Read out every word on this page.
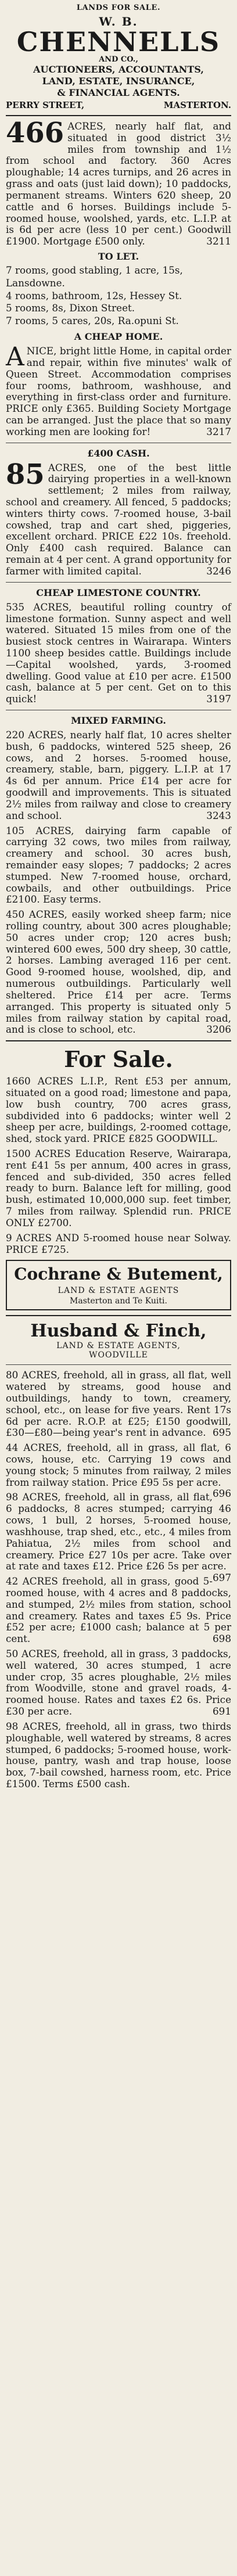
LANDS FOR SALE.
W. B.
CHENNELLS
AND CO.,
AUCTIONEERS, ACCOUNTANTS,
LAND, ESTATE, INSURANCE,
& FINANCIAL AGENTS.
PERRY STREET,	MASTERTON.

466 ACRES, nearly half flat, and situated in good district 3½ miles from township and 1½ from school and factory. 360 Acres ploughable; 14 acres turnips, and 26 acres in grass and oats (just laid down); 10 paddocks, permanent streams. Winters 620 sheep, 20 cattle and 6 horses. Buildings include 5-roomed house, woolshed, yards, etc. L.I.P. at is 6d per acre (less 10 per cent.) Goodwill £1900. Mortgage £500 only.	3211

TO LET.
7 rooms, good stabling, 1 acre, 15s, Lansdowne.
4 rooms, bathroom, 12s, Hessey St.
5 rooms, 8s, Dixon Street.
7 rooms, 5 cares, 20s, Ra.opuni St.
A CHEAP HOME.

A NICE, bright little Home, in capital order and repair, within five minutes' walk of Queen Street. Accommodation comprises four rooms, bathroom, washhouse, and everything in first-class order and furniture. PRICE only £365. Building Society Mortgage can be arranged. Just the place that so many working men are looking for!	3217

£400 CASH.

85 ACRES, one of the best little dairying properties in a well-known settlement; 2 miles from railway, school and creamery. All fenced, 5 paddocks; winters thirty cows. 7-roomed house, 3-bail cowshed, trap and cart shed, piggeries, excellent orchard. PRICE £22 10s. freehold. Only £400 cash required. Balance can remain at 4 per cent. A grand opportunity for farmer with limited capital.	3246

CHEAP LIMESTONE COUNTRY.

535 ACRES, beautiful rolling country of limestone formation. Sunny aspect and well watered. Situated 15 miles from one of the busiest stock centres in Wairarapa. Winters 1100 sheep besides cattle. Buildings include—Capital woolshed, yards, 3-roomed dwelling. Good value at £10 per acre. £1500 cash, balance at 5 per cent. Get on to this quick!	3197

MIXED FARMING.

220 ACRES, nearly half flat, 10 acres shelter bush, 6 paddocks, wintered 525 sheep, 26 cows, and 2 horses. 5-roomed house, creamery, stable, barn, piggery. L.I.P. at 17 4s 6d per annum. Price £14 per acre for goodwill and improvements. This is situated 2½ miles from railway and close to creamery and school.	3243

105 ACRES, dairying farm capable of carrying 32 cows, two miles from railway, creamery and school. 30 acres bush, remainder easy slopes; 7 paddocks; 2 acres stumped. New 7-roomed house, orchard, cowbails, and other outbuildings. Price £2100. Easy terms.

450 ACRES, easily worked sheep farm; nice rolling country, about 300 acres ploughable; 50 acres under crop; 120 acres bush; wintered 600 ewes, 500 dry sheep, 30 cattle, 2 horses. Lambing averaged 116 per cent. Good 9-roomed house, woolshed, dip, and numerous outbuildings. Particularly well sheltered. Price £14 per acre. Terms arranged. This property is situated only 5 miles from railway station by capital road, and is close to school, etc.	3206

For Sale.

1660 ACRES L.I.P., Rent £53 per annum, situated on a good road; limestone and papa, low bush country, 700 acres grass, subdivided into 6 paddocks; winter well 2 sheep per acre, buildings, 2-roomed cottage, shed, stock yard. PRICE £825 GOODWILL.

1500 ACRES Education Reserve, Wairarapa, rent £41 5s per annum, 400 acres in grass, fenced and sub-divided, 350 acres felled ready to burn. Balance left for milling, good bush, estimated 10,000,000 sup. feet timber, 7 miles from railway. Splendid run. PRICE ONLY £2700.

9 ACRES AND 5-roomed house near Solway. PRICE £725.

Cochrane & Butement,
LAND & ESTATE AGENTS
Masterton and Te Kuiti.
Husband & Finch,
LAND & ESTATE AGENTS,
WOODVILLE

80 ACRES, freehold, all in grass, all flat, well watered by streams, good house and outbuildings, handy to town, creamery, school, etc., on lease for five years. Rent 17s 6d per acre. R.O.P. at £25; £150 goodwill, £30—£80—being year's rent in advance. 695

44 ACRES, freehold, all in grass, all flat, 6 cows, house, etc. Carrying 19 cows and young stock; 5 minutes from railway, 2 miles from railway station. Price £95 5s per acre.
696

98 ACRES, freehold, all in grass, all flat, 6 paddocks, 8 acres stumped; carrying 46 cows, 1 bull, 2 horses, 5-roomed house, washhouse, trap shed, etc., etc., 4 miles from Pahiatua, 2½ miles from school and creamery. Price £27 10s per acre. Take over at rate and taxes £12. Price £26 5s per acre.
697

42 ACRES freehold, all in grass, good 5-roomed house, with 4 acres and 8 paddocks, and stumped, 2½ miles from station, school and creamery. Rates and taxes £5 9s. Price £52 per acre; £1000 cash; balance at 5 per cent.	698

50 ACRES, freehold, all in grass, 3 paddocks, well watered, 30 acres stumped, 1 acre under crop, 35 acres ploughable, 2½ miles from Woodville, stone and gravel roads, 4-roomed house. Rates and taxes £2 6s. Price £30 per acre.	691

98 ACRES, freehold, all in grass, two thirds ploughable, well watered by streams, 8 acres stumped, 6 paddocks; 5-roomed house, work-house, pantry, wash and trap house, loose box, 7-bail cowshed, harness room, etc. Price £1500. Terms £500 cash.
